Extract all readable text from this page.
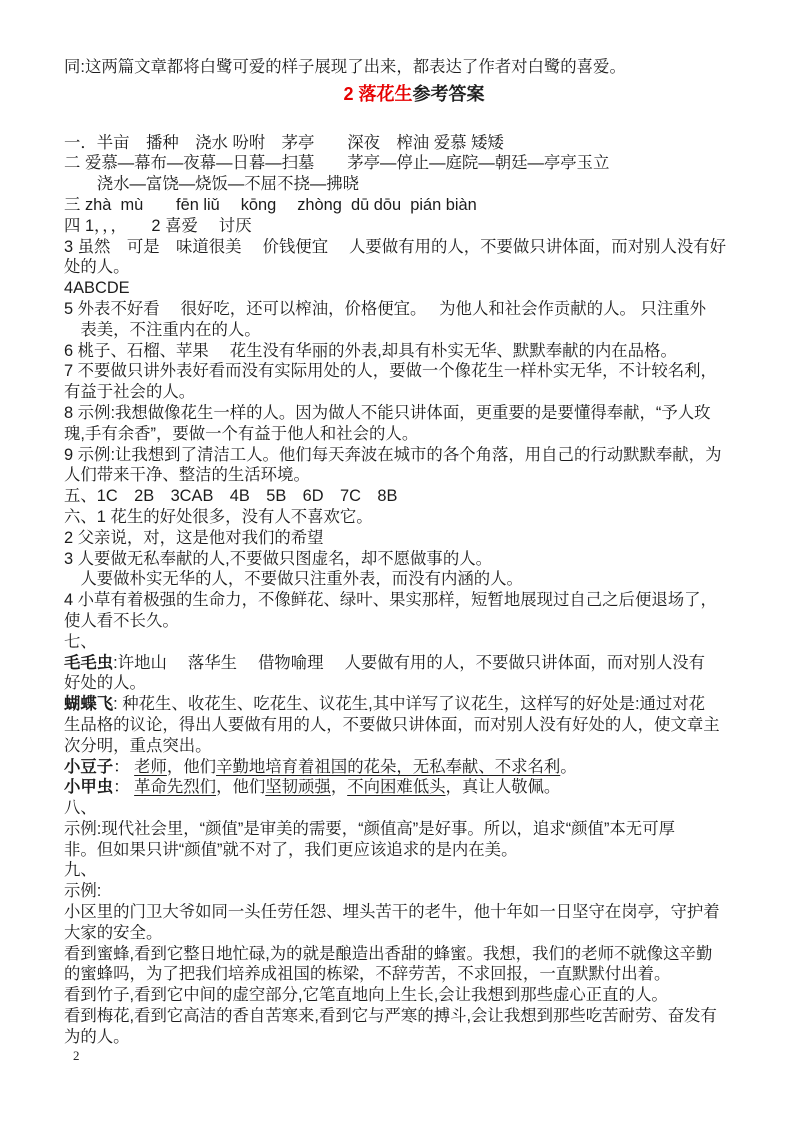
同:这两篇文章都将白鹭可爱的样子展现了出来，都表达了作者对白鹭的喜爱。
2 落花生参考答案

一．半亩　播种　浇水 吩咐　茅亭　　深夜　榨油 爱慕 矮矮
二 爱慕—幕布—夜幕—日暮—扫墓　　茅亭—停止—庭院—朝廷—亭亭玉立
　　浇水—富饶—烧饭—不屈不挠—拂晓
三 zhà  mù　　fēn liǔ　 kōng　 zhòng  dū dōu  pián biàn
四 1，，，　　2 喜爱　 讨厌
3 虽然　可是　味道很美　 价钱便宜　 人要做有用的人，不要做只讲体面，而对别人没有好
处的人。
4ABCDE
5 外表不好看　 很好吃，还可以榨油，价格便宜。　 为他人和社会作贡献的人。 只注重外
　表美，不注重内在的人。
6 桃子、石榴、苹果　 花生没有华丽的外表,却具有朴实无华、默默奉献的内在品格。
7 不要做只讲外表好看而没有实际用处的人，要做一个像花生一样朴实无华，不计较名利，
有益于社会的人。
8 示例:我想做像花生一样的人。因为做人不能只讲体面，更重要的是要懂得奉献，“予人玫
瑰,手有余香”，要做一个有益于他人和社会的人。
9 示例:让我想到了清洁工人。他们每天奔波在城市的各个角落，用自己的行动默默奉献，为
人们带来干净、整洁的生活环境。
五、1C　2B　3CAB　4B　5B　6D　7C　8B
六、1 花生的好处很多，没有人不喜欢它。
2 父亲说，对，这是他对我们的希望
3 人要做无私奉献的人,不要做只图虚名，却不愿做事的人。
　人要做朴实无华的人，不要做只注重外表，而没有内涵的人。
4 小草有着极强的生命力，不像鲜花、绿叶、果实那样，短暂地展现过自己之后便退场了，
使人看不长久。
七、
毛毛虫:许地山　 落华生　 借物喻理　 人要做有用的人，不要做只讲体面，而对别人没有
好处的人。
蝴蝶飞: 种花生、收花生、吃花生、议花生,其中详写了议花生，这样写的好处是:通过对花
生品格的议论，得出人要做有用的人，不要做只讲体面，而对别人没有好处的人，使文章主
次分明，重点突出。
小豆子： 老师，他们辛勤地培育着祖国的花朵，无私奉献、不求名利。
小甲虫： 革命先烈们，他们坚韧顽强，不向困难低头，真让人敬佩。
八、
示例:现代社会里，“颜值”是审美的需要，“颜值高”是好事。所以，追求“颜值”本无可厚
非。但如果只讲“颜值”就不对了，我们更应该追求的是内在美。
九、
示例:
小区里的门卫大爷如同一头任劳任怨、埋头苦干的老牛，他十年如一日坚守在岗亭，守护着
大家的安全。
看到蜜蜂,看到它整日地忙碌,为的就是酿造出香甜的蜂蜜。我想，我们的老师不就像这辛勤
的蜜蜂吗，为了把我们培养成祖国的栋梁，不辞劳苦，不求回报，一直默默付出着。
看到竹子,看到它中间的虚空部分,它笔直地向上生长,会让我想到那些虚心正直的人。
看到梅花,看到它高洁的香自苦寒来,看到它与严寒的搏斗,会让我想到那些吃苦耐劳、奋发有
为的人。
2
